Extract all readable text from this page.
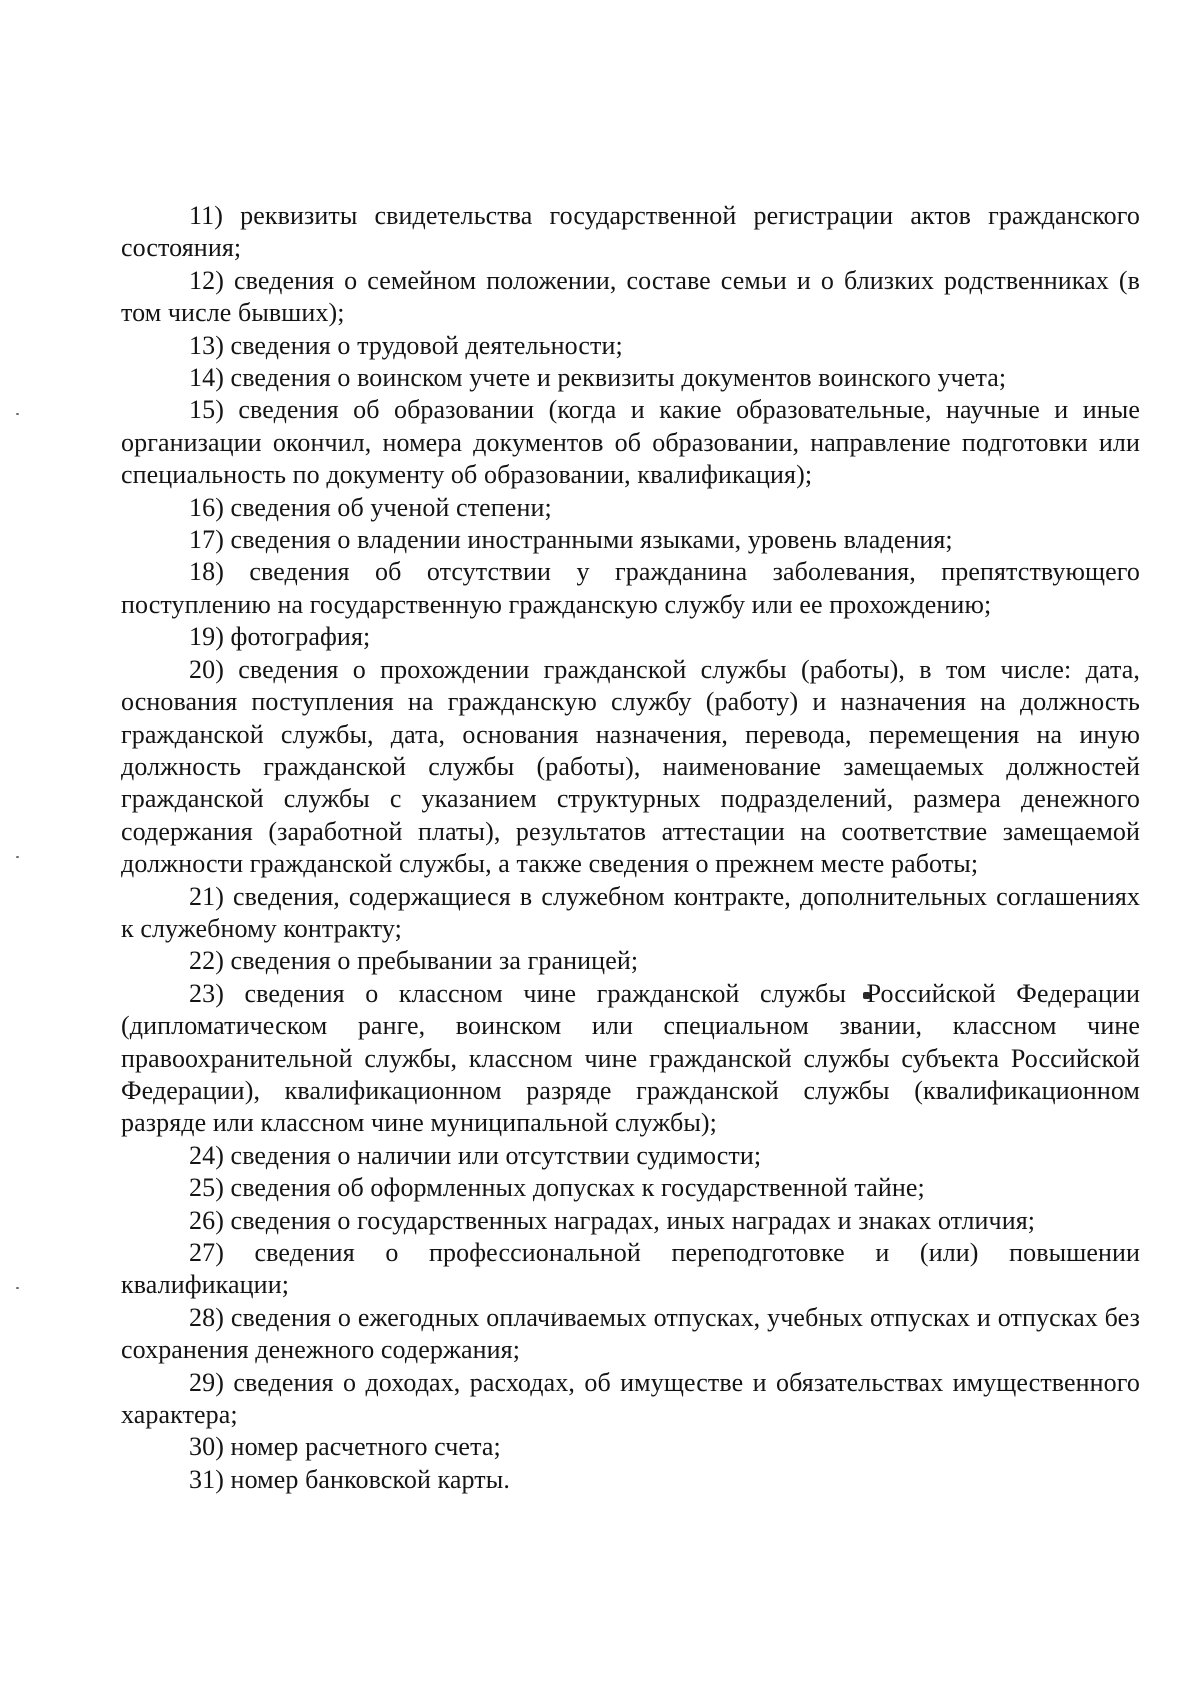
11) реквизиты свидетельства государственной регистрации актов гражданского состояния;

12) сведения о семейном положении, составе семьи и о близких родственниках (в том числе бывших);

13) сведения о трудовой деятельности;

14) сведения о воинском учете и реквизиты документов воинского учета;

15) сведения об образовании (когда и какие образовательные, научные и иные организации окончил, номера документов об образовании, направление подготовки или специальность по документу об образовании, квалификация);

16) сведения об ученой степени;

17) сведения о владении иностранными языками, уровень владения;

18) сведения об отсутствии у гражданина заболевания, препятствующего поступлению на государственную гражданскую службу или ее прохождению;

19) фотография;

20) сведения о прохождении гражданской службы (работы), в том числе: дата, основания поступления на гражданскую службу (работу) и назначения на должность гражданской службы, дата, основания назначения, перевода, перемещения на иную должность гражданской службы (работы), наименование замещаемых должностей гражданской службы с указанием структурных подразделений, размера денежного содержания (заработной платы), результатов аттестации на соответствие замещаемой должности гражданской службы, а также сведения о прежнем месте работы;

21) сведения, содержащиеся в служебном контракте, дополнительных соглашениях к служебному контракту;

22) сведения о пребывании за границей;

23) сведения о классном чине гражданской службы Российской Федерации (дипломатическом ранге, воинском или специальном звании, классном чине правоохранительной службы, классном чине гражданской службы субъекта Российской Федерации), квалификационном разряде гражданской службы (квалификационном разряде или классном чине муниципальной службы);

24) сведения о наличии или отсутствии судимости;

25) сведения об оформленных допусках к государственной тайне;

26) сведения о государственных наградах, иных наградах и знаках отличия;

27) сведения о профессиональной переподготовке и (или) повышении квалификации;

28) сведения о ежегодных оплачиваемых отпусках, учебных отпусках и отпусках без сохранения денежного содержания;

29) сведения о доходах, расходах, об имуществе и обязательствах имущественного характера;

30) номер расчетного счета;

31) номер банковской карты.
